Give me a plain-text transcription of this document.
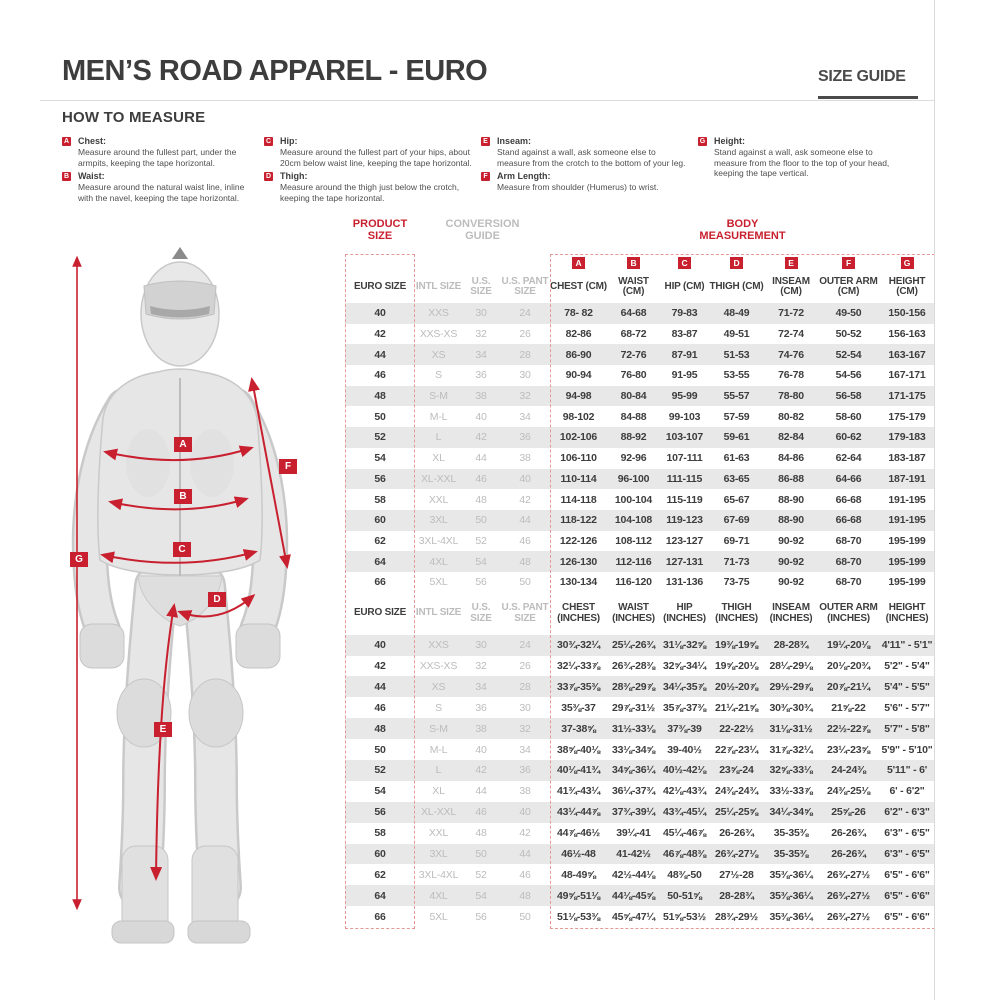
MEN’S ROAD APPAREL - EURO	SIZE GUIDE
HOW TO MEASURE
A Chest:
Measure around the fullest part, under the armpits, keeping the tape horizontal.
B Waist:
Measure around the natural waist line, inline with the navel, keeping the tape horizontal.
C Hip:
Measure around the fullest part of your hips, about 20cm below waist line, keeping the tape horizontal.
D Thigh:
Measure around the thigh just below the crotch, keeping the tape horizontal.
E Inseam:
Stand against a wall, ask someone else to measure from the crotch to the bottom of your leg.
F Arm Length:
Measure from shoulder (Humerus) to wrist.
G Height:
Stand against a wall, ask someone else to measure from the floor to the top of your head, keeping the tape vertical.
A
B
C
D
E
F
G
PRODUCT SIZE
CONVERSION GUIDE
BODY MEASUREMENT
A	B	C	D	E	F	G
EURO SIZE INTL SIZE	U.S. SIZE
U.S. PANT SIZE	CHEST (CM)	WAIST (CM)	HIP (CM) THIGH (CM) INSEAM (CM)
OUTER ARM (CM)
HEIGHT (CM)
40	XXS	30	24	78- 82	64-68	79-83	48-49	71-72	49-50	150-156
42	XXS-XS	32	26	82-86	68-72	83-87	49-51	72-74	50-52	156-163
44	XS	34	28	86-90	72-76	87-91	51-53	74-76	52-54	163-167
46	S	36	30	90-94	76-80	91-95	53-55	76-78	54-56	167-171
48	S-M	38	32	94-98	80-84	95-99	55-57	78-80	56-58	171-175
50	M-L	40	34	98-102	84-88	99-103	57-59	80-82	58-60	175-179
52	L	42	36	102-106	88-92	103-107	59-61	82-84	60-62	179-183
54	XL	44	38	106-110	92-96	107-111	61-63	84-86	62-64	183-187
56	XL-XXL	46	40	110-114	96-100	111-115	63-65	86-88	64-66	187-191
58	XXL	48	42	114-118	100-104	115-119	65-67	88-90	66-68	191-195
60	3XL	50	44	118-122	104-108	119-123	67-69	88-90	66-68	191-195
62	3XL-4XL	52	46	122-126	108-112	123-127	69-71	90-92	68-70	195-199
64	4XL	54	48	126-130	112-116	127-131	71-73	90-92	68-70	195-199
66	5XL	56	50	130-134	116-120	131-136	73-75	90-92	68-70	195-199
EURO SIZE INTL SIZE	U.S. SIZE
U.S. PANT SIZE
CHEST (INCHES)
WAIST (INCHES)
HIP (INCHES)
THIGH (INCHES)
INSEAM (INCHES)
OUTER ARM (INCHES)
HEIGHT (INCHES)
40	XXS	30	24	30¾-32¼	25¼-26¾ 31⅛-32⅝ 19⅜-19⅝	28-28¾	19¼-20⅛	4'11" - 5'1"
42	XXS-XS	32	26	32¼-33⅞	26¾-28⅜ 32⅝-34¼ 19⅝-20⅛	28¼-29⅛	20⅛-20¾	5'2" - 5'4"
44	XS	34	28	33⅞-35⅜	28⅜-29⅞ 34¼-35⅞ 20½-20⅞	29½-29⅞	20⅞-21¼	5'4" - 5'5"
46	S	36	30	35⅜-37	29⅞-31½ 35⅞-37⅜ 21¼-21⅝	30⅜-30¾	21⅝-22	5'6" - 5'7"
48	S-M	38	32	37-38⅝	31½-33⅛	37⅜-39	22-22½	31⅛-31½	22½-22⅞	5'7" - 5'8"
50	M-L	40	34	38⅝-40⅛	33⅛-34⅝	39-40½	22⅞-23¼	31⅞-32¼	23¼-23⅝	5'9" - 5'10"
52	L	42	36	40⅛-41¾	34⅝-36¼ 40½-42⅛	23⅝-24	32⅝-33⅛	24-24⅜	5'11" - 6'
54	XL	44	38	41¾-43¼	36¼-37¾ 42⅛-43¾ 24⅜-24¾	33½-33⅞	24⅜-25⅛	6' - 6'2"
56	XL-XXL	46	40	43¼-44⅞	37¾-39¼ 43¾-45¼ 25¼-25⅝	34¼-34⅝	25⅝-26	6'2" - 6'3"
58	XXL	48	42	44⅞-46½	39¼-41	45¼-46⅞	26-26¾	35-35⅜	26-26¾	6'3" - 6'5"
60	3XL	50	44	46½-48	41-42½	46⅞-48⅜ 26¾-27⅛	35-35⅜	26-26¾	6'3" - 6'5"
62	3XL-4XL	52	46	48-49⅝	42½-44⅛	48⅜-50	27½-28	35⅜-36¼	26¾-27½	6'5" - 6'6"
64	4XL	54	48	49⅝-51⅛	44⅛-45⅝	50-51⅝	28-28¾	35⅜-36¼	26¾-27½	6'5" - 6'6"
66	5XL	56	50	51⅛-53⅜	45⅝-47¼ 51⅝-53½ 28¾-29½	35⅜-36¼	26¾-27½	6'5" - 6'6"
